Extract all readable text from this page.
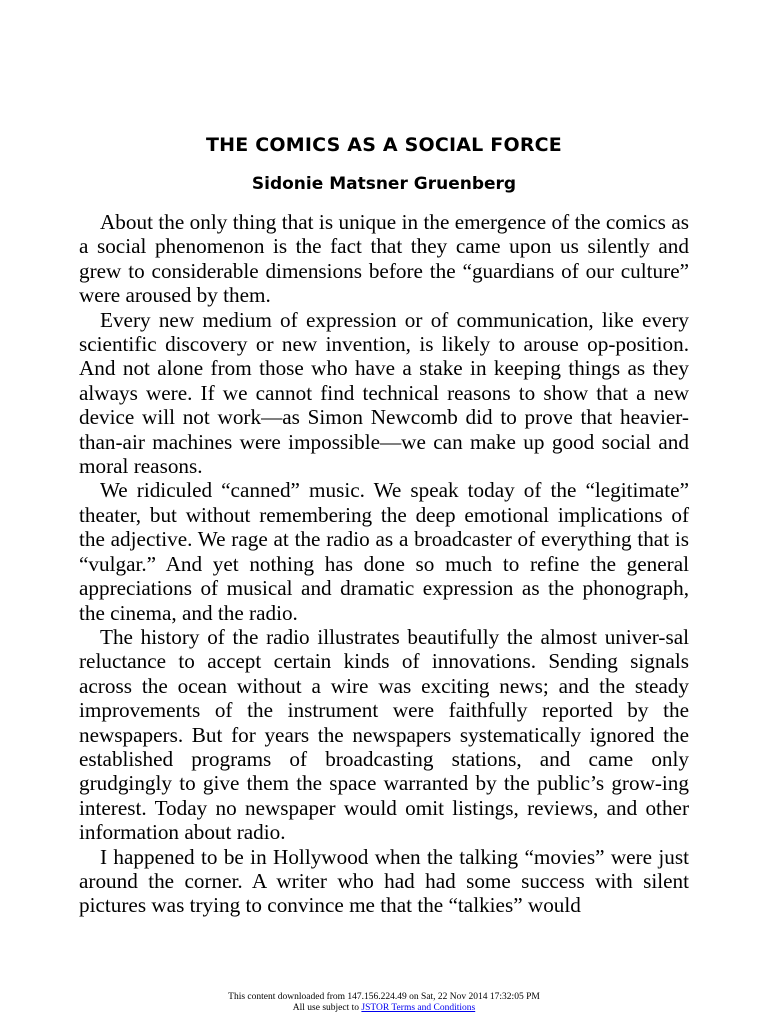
THE COMICS AS A SOCIAL FORCE
Sidonie Matsner Gruenberg

About the only thing that is unique in the emergence of the comics as a social phenomenon is the fact that they came upon us silently and grew to considerable dimensions before the “guardians of our culture” were aroused by them.

Every new medium of expression or of communication, like every scientific discovery or new invention, is likely to arouse op-position. And not alone from those who have a stake in keeping things as they always were. If we cannot find technical reasons to show that a new device will not work—as Simon Newcomb did to prove that heavier-than-air machines were impossible—we can make up good social and moral reasons.

We ridiculed “canned” music. We speak today of the “legitimate” theater, but without remembering the deep emotional implications of the adjective. We rage at the radio as a broadcaster of everything that is “vulgar.” And yet nothing has done so much to refine the general appreciations of musical and dramatic expression as the phonograph, the cinema, and the radio.

The history of the radio illustrates beautifully the almost univer-sal reluctance to accept certain kinds of innovations. Sending signals across the ocean without a wire was exciting news; and the steady improvements of the instrument were faithfully reported by the newspapers. But for years the newspapers systematically ignored the established programs of broadcasting stations, and came only grudgingly to give them the space warranted by the public’s grow-ing interest. Today no newspaper would omit listings, reviews, and other information about radio.

I happened to be in Hollywood when the talking “movies” were just around the corner. A writer who had had some success with silent pictures was trying to convince me that the “talkies” would

This content downloaded from 147.156.224.49 on Sat, 22 Nov 2014 17:32:05 PM
All use subject to JSTOR Terms and Conditions
